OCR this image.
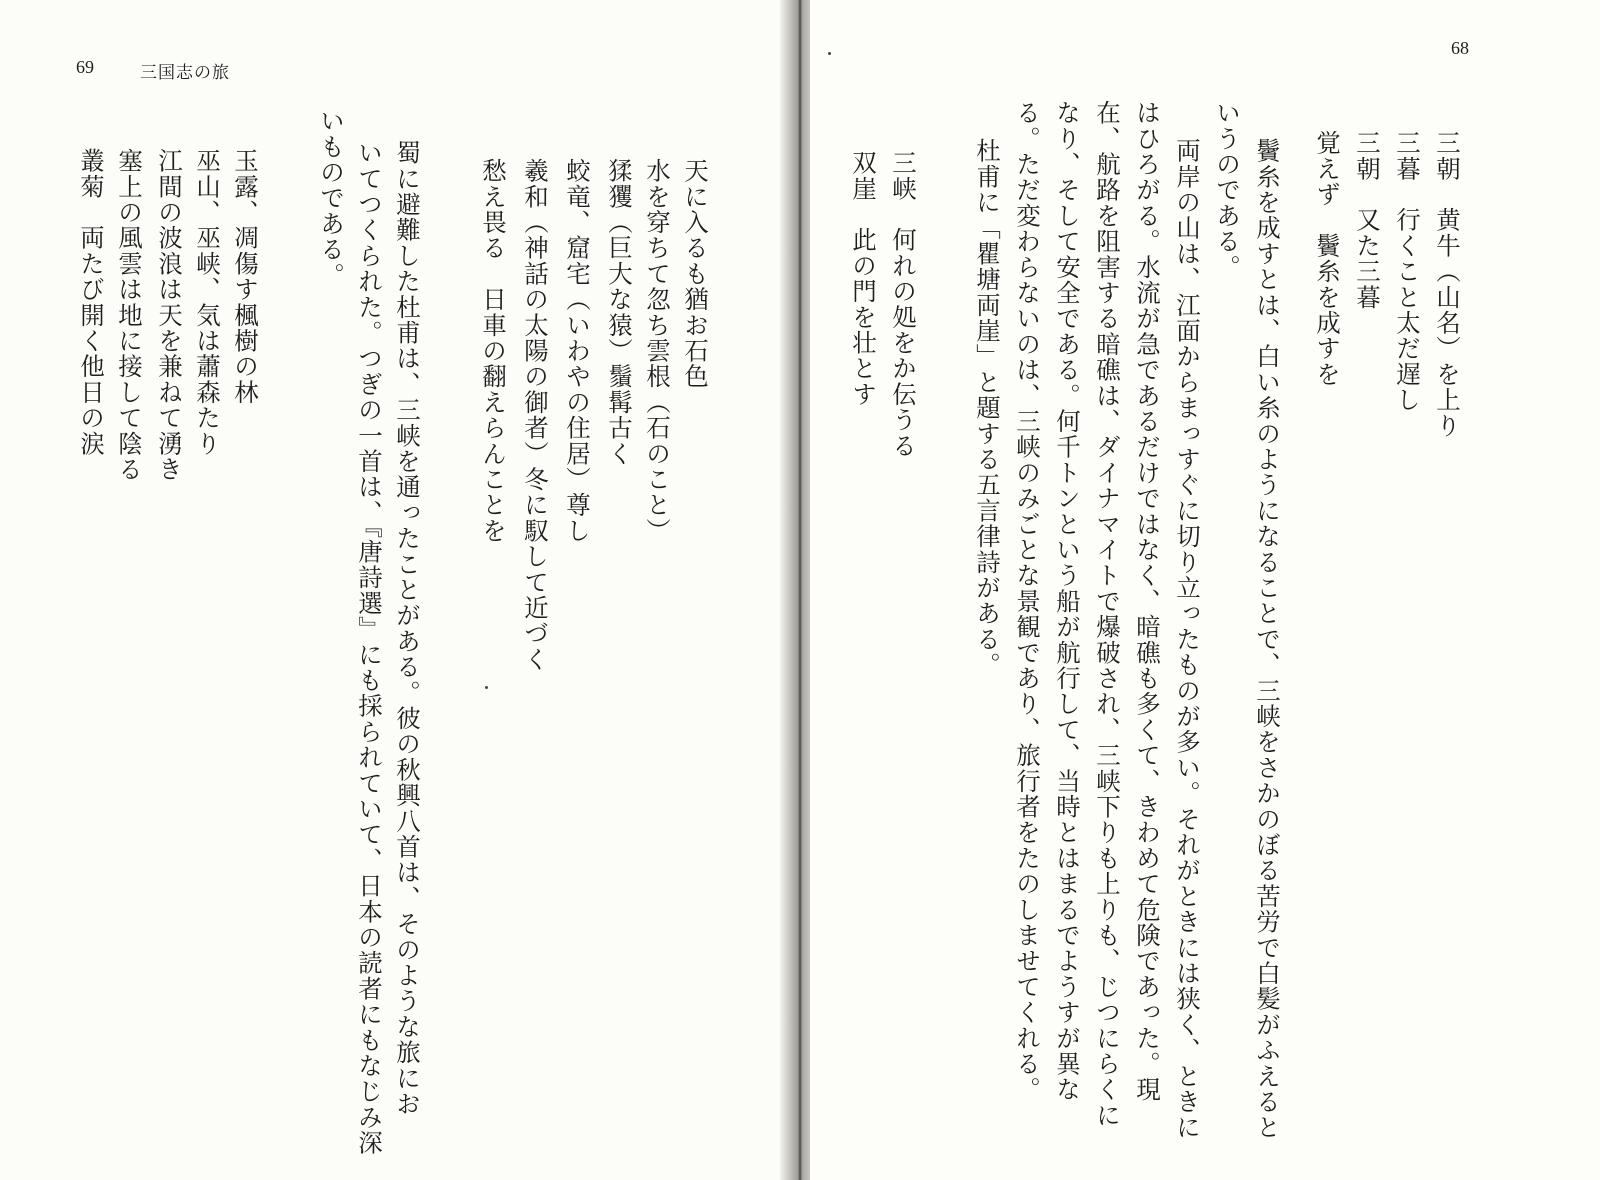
69	三国志の旅
天に入るも猶お石色
水を穿ちて忽ち雲根（石のこと）
猱玃（巨大な猿）鬚髯古く
蛟竜、窟宅（いわやの住居）尊し
羲和（神話の太陽の御者）冬に馭して近づく
愁え畏る　日車の翻えらんことを
蜀に避難した杜甫は、三峡を通ったことがある。彼の秋興八首は、そのような旅にお
いてつくられた。つぎの一首は、『唐詩選』にも採られていて、日本の読者にもなじみ深
いものである。
玉露、凋傷す楓樹の林
巫山、巫峡、気は蕭森たり
江間の波浪は天を兼ねて湧き
塞上の風雲は地に接して陰る
叢菊　両たび開く他日の涙
68
三朝　黄牛（山名）を上り
三暮　行くこと太だ遅し
三朝　又た三暮
覚えず　鬢糸を成すを
鬢糸を成すとは、白い糸のようになることで、三峡をさかのぼる苦労で白髪がふえると
いうのである。
両岸の山は、江面からまっすぐに切り立ったものが多い。それがときには狭く、ときに
はひろがる。水流が急であるだけではなく、暗礁も多くて、きわめて危険であった。現
在、航路を阻害する暗礁は、ダイナマイトで爆破され、三峡下りも上りも、じつにらくに
なり、そして安全である。何千トンという船が航行して、当時とはまるでようすが異な
る。ただ変わらないのは、三峡のみごとな景観であり、旅行者をたのしませてくれる。
杜甫に「瞿塘両崖」と題する五言律詩がある。
三峡　何れの処をか伝うる
双崖　此の門を壮とす
